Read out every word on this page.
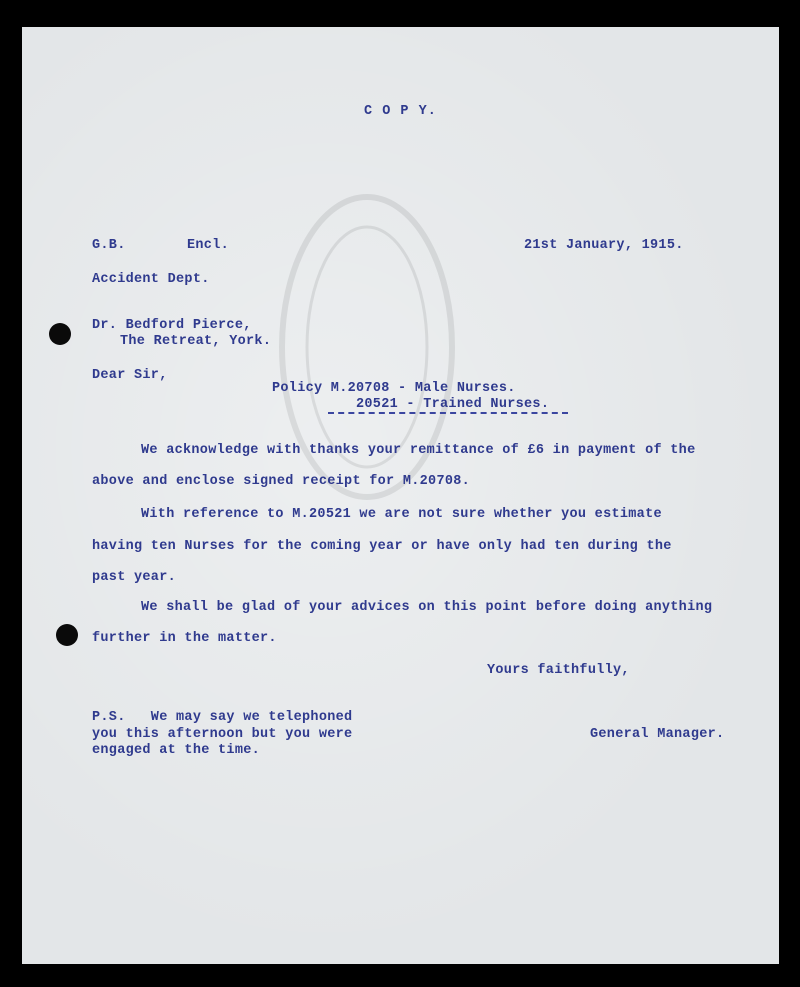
C O P Y.
G.B.	Encl.	21st January, 1915.
Accident Dept.
Dr. Bedford Pierce,
The Retreat, York.
Dear Sir,
Policy M.20708 - Male Nurses.
20521 - Trained Nurses.
We acknowledge with thanks your remittance of £6 in payment of the
above and enclose signed receipt for M.20708.
With reference to M.20521 we are not sure whether you estimate
having ten Nurses for the coming year or have only had ten during the
past year.
We shall be glad of your advices on this point before doing anything
further in the matter.
Yours faithfully,
P.S.   We may say we telephoned
you this afternoon but you were
engaged at the time.
General Manager.
